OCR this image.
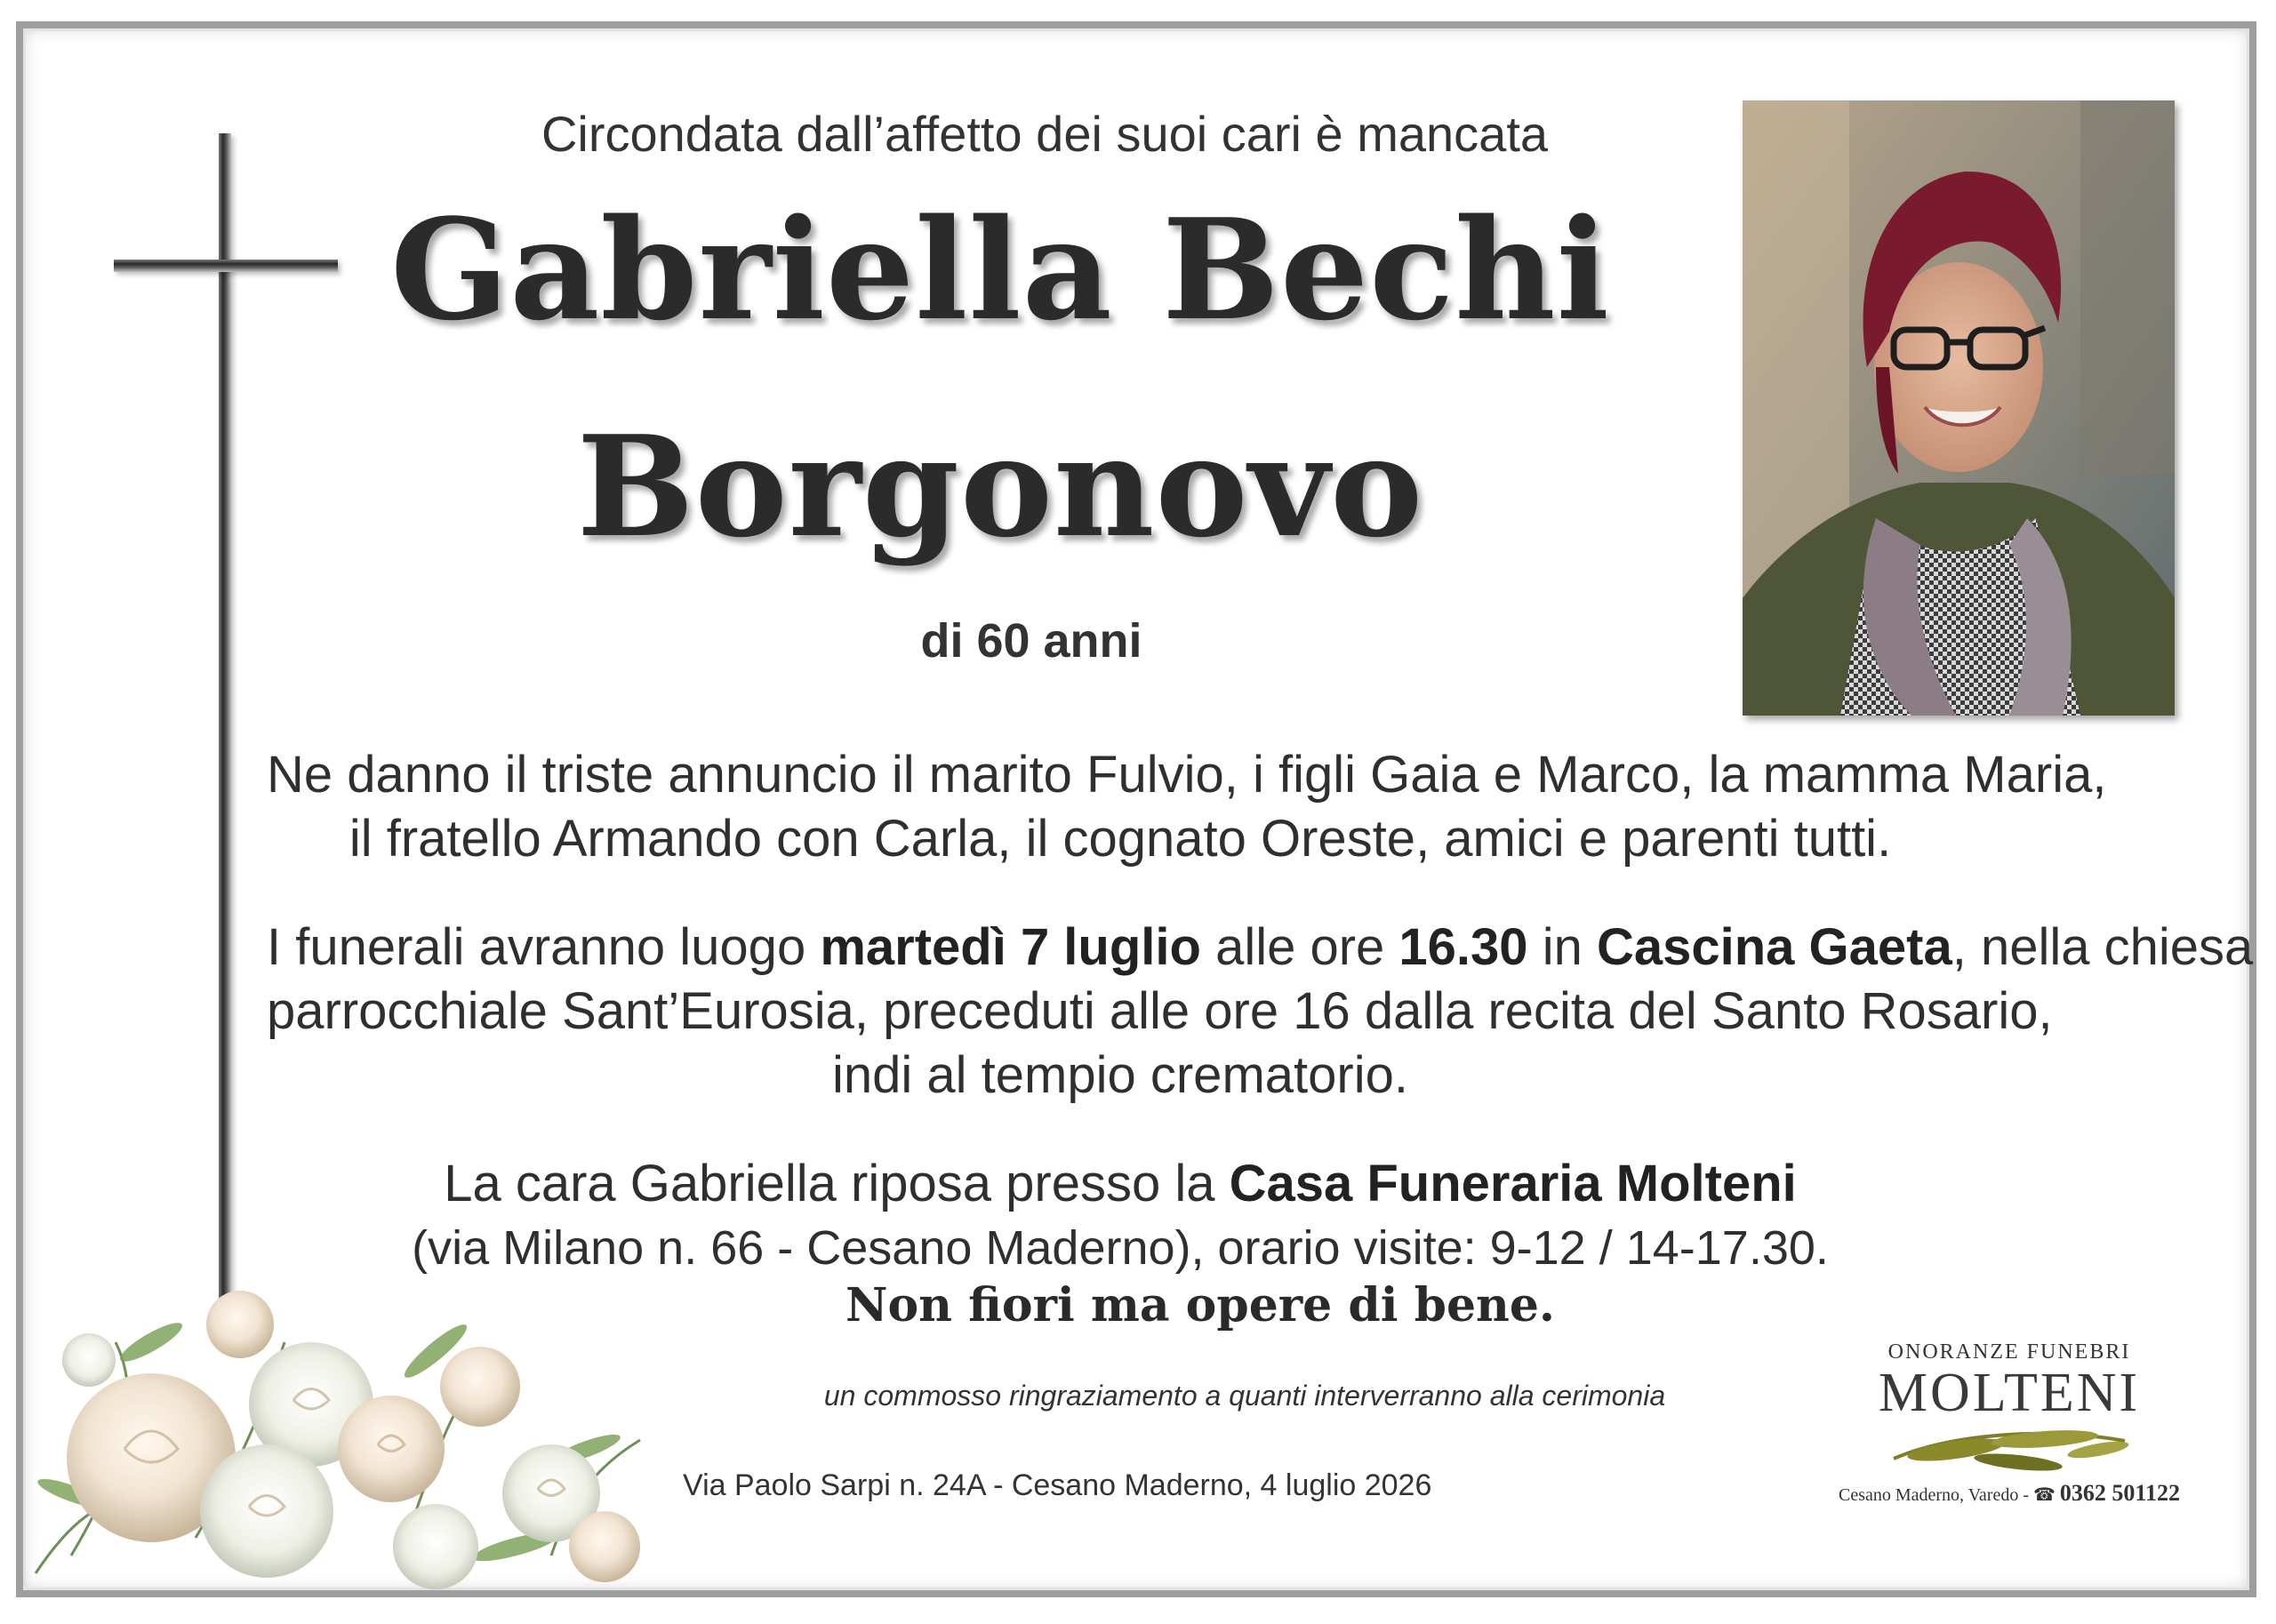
Circondata dall’affetto dei suoi cari è mancata
Gabriella Bechi
Borgonovo
di 60 anni
Ne danno il triste annuncio il marito Fulvio, i figli Gaia e Marco, la mamma Maria,
il fratello Armando con Carla, il cognato Oreste, amici e parenti tutti.
I funerali avranno luogo martedì 7 luglio alle ore 16.30 in Cascina Gaeta, nella chiesa
parrocchiale Sant’Eurosia, preceduti alle ore 16 dalla recita del Santo Rosario,
indi al tempio crematorio.
La cara Gabriella riposa presso la Casa Funeraria Molteni
(via Milano n. 66 - Cesano Maderno), orario visite: 9-12 / 14-17.30.
Non fiori ma opere di bene.
un commosso ringraziamento a quanti interverranno alla cerimonia
Via Paolo Sarpi n. 24A - Cesano Maderno, 4 luglio 2026
ONORANZE FUNEBRI
MOLTENI
Cesano Maderno, Varedo - ☎ 0362 501122
